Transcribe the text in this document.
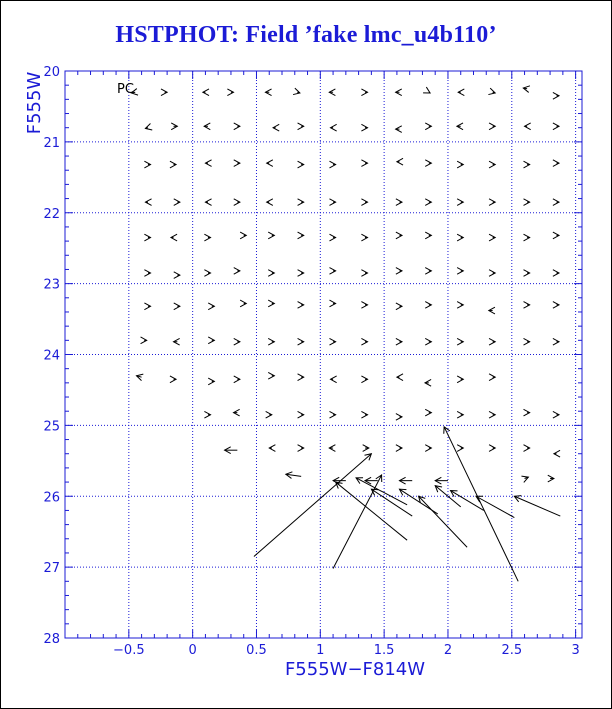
HSTPHOT: Field ’fake lmc_u4b110’
−0.5	0	0.5	1	1.5	2	2.5	3
20
21
22
23
24
25
26
27
28
PC
F555W−F814W
F555W
